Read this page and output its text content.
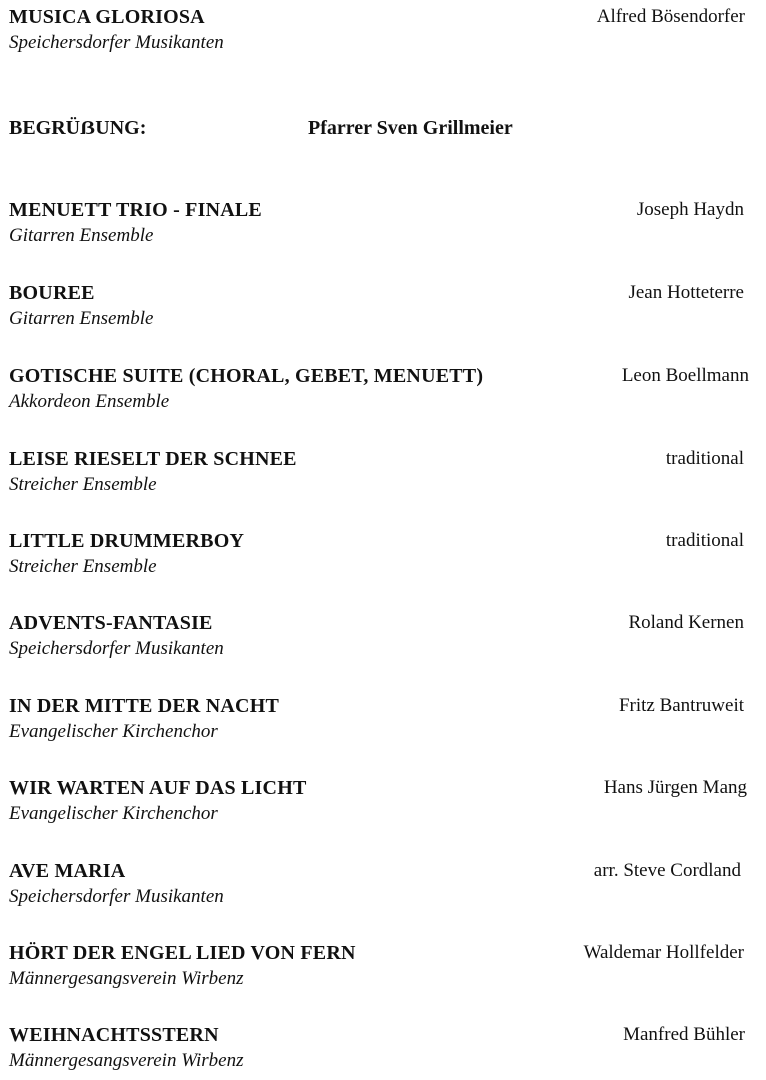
MUSICA GLORIOSA	Alfred Bösendorfer
Speichersdorfer Musikanten
BEGRÜẞUNG:	Pfarrer Sven Grillmeier
MENUETT TRIO - FINALE	Joseph Haydn
Gitarren Ensemble
BOUREE	Jean Hotteterre
Gitarren Ensemble
GOTISCHE SUITE (CHORAL, GEBET, MENUETT)	Leon Boellmann
Akkordeon Ensemble
LEISE RIESELT DER SCHNEE	traditional
Streicher Ensemble
LITTLE DRUMMERBOY	traditional
Streicher Ensemble
ADVENTS-FANTASIE	Roland Kernen
Speichersdorfer Musikanten
IN DER MITTE DER NACHT	Fritz Bantruweit
Evangelischer Kirchenchor
WIR WARTEN AUF DAS LICHT	Hans Jürgen Mang
Evangelischer Kirchenchor
AVE MARIA	arr. Steve Cordland
Speichersdorfer Musikanten
HÖRT DER ENGEL LIED VON FERN	Waldemar Hollfelder
Männergesangsverein Wirbenz
WEIHNACHTSSTERN	Manfred Bühler
Männergesangsverein Wirbenz
